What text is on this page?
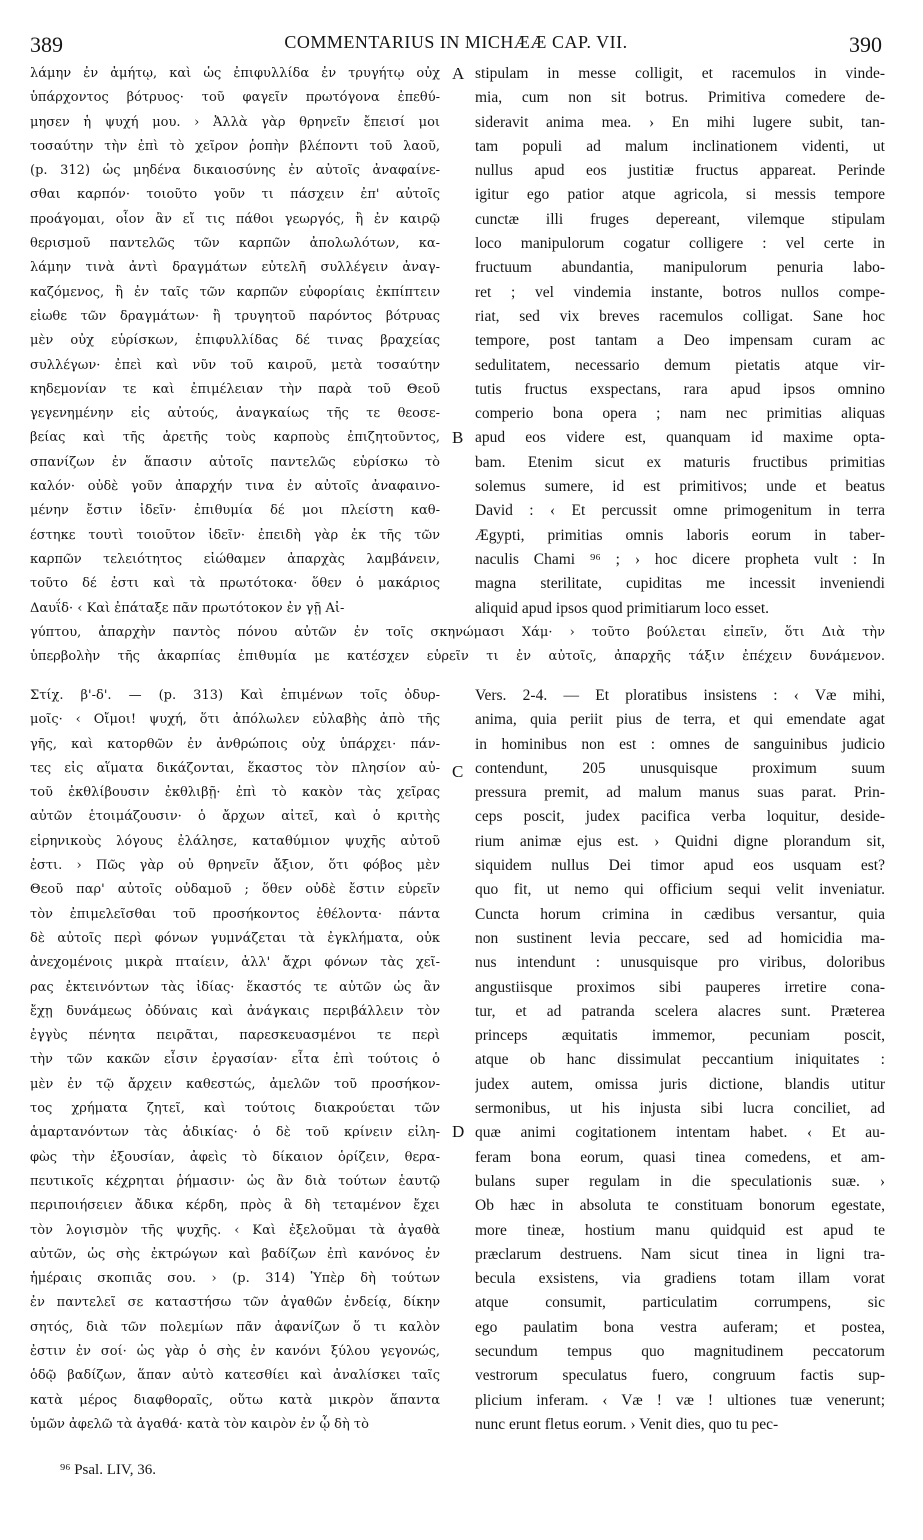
389	COMMENTARIUS IN MICHÆÆ CAP. VII.	390
λάμην ἐν ἀμήτῳ, καὶ ὡς ἐπιφυλλίδα ἐν τρυγήτῳ οὐχ
ὑπάρχοντος βότρυος· τοῦ φαγεῖν πρωτόγονα ἐπεθύ-
μησεν ἡ ψυχή μου. › Ἀλλὰ γὰρ θρηνεῖν ἔπεισί μοι
τοσαύτην τὴν ἐπὶ τὸ χεῖρον ῥοπὴν βλέποντι τοῦ λαοῦ,
(p. 312) ὡς μηδένα δικαιοσύνης ἐν αὐτοῖς ἀναφαίνε-
σθαι καρπόν· τοιοῦτο γοῦν τι πάσχειν ἐπ' αὐτοῖς
προάγομαι, οἷον ἂν εἴ τις πάθοι γεωργός, ἢ ἐν καιρῷ
θερισμοῦ παντελῶς τῶν καρπῶν ἀπολωλότων, κα-
λάμην τινὰ ἀντὶ δραγμάτων εὐτελῆ συλλέγειν ἀναγ-
καζόμενος, ἢ ἐν ταῖς τῶν καρπῶν εὐφορίαις ἐκπίπτειν
εἰωθε τῶν δραγμάτων· ἢ τρυγητοῦ παρόντος βότρυας
μὲν οὐχ εὑρίσκων, ἐπιφυλλίδας δέ τινας βραχείας
συλλέγων· ἐπεὶ καὶ νῦν τοῦ καιροῦ, μετὰ τοσαύτην
κηδεμονίαν τε καὶ ἐπιμέλειαν τὴν παρὰ τοῦ Θεοῦ
γεγενημένην εἰς αὐτούς, ἀναγκαίως τῆς τε θεοσε-
βείας καὶ τῆς ἀρετῆς τοὺς καρποὺς ἐπιζητοῦντος,
σπανίζων ἐν ἅπασιν αὐτοῖς παντελῶς εὑρίσκω τὸ
καλόν· οὐδὲ γοῦν ἀπαρχήν τινα ἐν αὐτοῖς ἀναφαινο-
μένην ἔστιν ἰδεῖν· ἐπιθυμία δέ μοι πλείστη καθ-
έστηκε τουτὶ τοιοῦτον ἰδεῖν· ἐπειδὴ γὰρ ἐκ τῆς τῶν
καρπῶν τελειότητος εἰώθαμεν ἀπαρχὰς λαμβάνειν,
τοῦτο δέ ἐστι καὶ τὰ πρωτότοκα· ὅθεν ὁ μακάριος
Δαυΐδ· ‹ Καὶ ἐπάταξε πᾶν πρωτότοκον ἐν γῇ Αἰ-
stipulam in messe colligit, et racemulos in vinde-
mia, cum non sit botrus. Primitiva comedere de-
sideravit anima mea. › En mihi lugere subit, tan-
tam populi ad malum inclinationem videnti, ut
nullus apud eos justitiæ fructus appareat. Perinde
igitur ego patior atque agricola, si messis tempore
cunctæ illi fruges depereant, vilemque stipulam
loco manipulorum cogatur colligere : vel certe in
fructuum abundantia, manipulorum penuria labo-
ret ; vel vindemia instante, botros nullos compe-
riat, sed vix breves racemulos colligat. Sane hoc
tempore, post tantam a Deo impensam curam ac
sedulitatem, necessario demum pietatis atque vir-
tutis fructus exspectans, rara apud ipsos omnino
comperio bona opera ; nam nec primitias aliquas
apud eos videre est, quanquam id maxime opta-
bam. Etenim sicut ex maturis fructibus primitias
solemus sumere, id est primitivos; unde et beatus
David : ‹ Et percussit omne primogenitum in terra
Ægypti, primitias omnis laboris eorum in taber-
naculis Chami ⁹⁶ ; › hoc dicere propheta vult : In
magna sterilitate, cupiditas me incessit inveniendi
aliquid apud ipsos quod primitiarum loco esset.
γύπτου, ἀπαρχὴν παντὸς πόνου αὐτῶν ἐν τοῖς σκηνώμασι Χάμ· › τοῦτο βούλεται εἰπεῖν, ὅτι Διὰ τὴν
ὑπερβολὴν τῆς ἀκαρπίας ἐπιθυμία με κατέσχεν εὑρεῖν τι ἐν αὐτοῖς, ἀπαρχῆς τάξιν ἐπέχειν δυνάμενον.
A
B
Στίχ. β'-δ'. — (p. 313) Καὶ ἐπιμένων τοῖς ὀδυρ-
μοῖς· ‹ Οἴμοι! ψυχή, ὅτι ἀπόλωλεν εὐλαβὴς ἀπὸ τῆς
γῆς, καὶ κατορθῶν ἐν ἀνθρώποις οὐχ ὑπάρχει· πάν-
τες εἰς αἵματα δικάζονται, ἕκαστος τὸν πλησίον αὐ-
τοῦ ἐκθλίβουσιν ἐκθλιβῇ· ἐπὶ τὸ κακὸν τὰς χεῖρας
αὐτῶν ἑτοιμάζουσιν· ὁ ἄρχων αἰτεῖ, καὶ ὁ κριτὴς
εἰρηνικοὺς λόγους ἐλάλησε, καταθύμιον ψυχῆς αὐτοῦ
ἐστι. › Πῶς γὰρ οὐ θρηνεῖν ἄξιον, ὅτι φόβος μὲν
Θεοῦ παρ' αὐτοῖς οὐδαμοῦ ; ὅθεν οὐδὲ ἔστιν εὑρεῖν
τὸν ἐπιμελεῖσθαι τοῦ προσήκοντος ἐθέλοντα· πάντα
δὲ αὐτοῖς περὶ φόνων γυμνάζεται τὰ ἐγκλήματα, οὐκ
ἀνεχομένοις μικρὰ πταίειν, ἀλλ' ἄχρι φόνων τὰς χεῖ-
ρας ἐκτεινόντων τὰς ἰδίας· ἕκαστός τε αὐτῶν ὡς ἂν
ἔχῃ δυνάμεως ὀδύναις καὶ ἀνάγκαις περιβάλλειν τὸν
ἐγγὺς πένητα πειρᾶται, παρεσκευασμένοι τε περὶ
τὴν τῶν κακῶν εἶσιν ἐργασίαν· εἶτα ἐπὶ τούτοις ὁ
μὲν ἐν τῷ ἄρχειν καθεστώς, ἀμελῶν τοῦ προσήκον-
τος χρήματα ζητεῖ, καὶ τούτοις διακρούεται τῶν
ἁμαρτανόντων τὰς ἀδικίας· ὁ δὲ τοῦ κρίνειν εἰλη-
φὼς τὴν ἐξουσίαν, ἀφεὶς τὸ δίκαιον ὁρίζειν, θερα-
πευτικοῖς κέχρηται ῥήμασιν· ὡς ἂν διὰ τούτων ἑαυτῷ
περιποιήσειεν ἄδικα κέρδη, πρὸς ἃ δὴ τεταμένον ἔχει
τὸν λογισμὸν τῆς ψυχῆς. ‹ Καὶ ἐξελοῦμαι τὰ ἀγαθὰ
αὐτῶν, ὡς σὴς ἐκτρώγων καὶ βαδίζων ἐπὶ κανόνος ἐν
ἡμέραις σκοπιᾶς σου. › (p. 314) Ὑπὲρ δὴ τούτων
ἐν παντελεῖ σε καταστήσω τῶν ἀγαθῶν ἐνδείᾳ, δίκην
σητός, διὰ τῶν πολεμίων πᾶν ἀφανίζων ὅ τι καλὸν
ἐστιν ἐν σοί· ὡς γὰρ ὁ σὴς ἐν κανόνι ξύλου γεγονώς,
ὁδῷ βαδίζων, ἅπαν αὐτὸ κατεσθίει καὶ ἀναλίσκει ταῖς
κατὰ μέρος διαφθοραῖς, οὕτω κατὰ μικρὸν ἅπαντα
ὑμῶν ἀφελῶ τὰ ἀγαθά· κατὰ τὸν καιρὸν ἐν ᾧ δὴ τὸ
Vers. 2-4. — Et ploratibus insistens : ‹ Væ mihi,
anima, quia periit pius de terra, et qui emendate agat
in hominibus non est : omnes de sanguinibus judicio
contendunt, 205 unusquisque proximum suum
pressura premit, ad malum manus suas parat. Prin-
ceps poscit, judex pacifica verba loquitur, deside-
rium animæ ejus est. › Quidni digne plorandum sit,
siquidem nullus Dei timor apud eos usquam est?
quo fit, ut nemo qui officium sequi velit inveniatur.
Cuncta horum crimina in cædibus versantur, quia
non sustinent levia peccare, sed ad homicidia ma-
nus intendunt : unusquisque pro viribus, doloribus
angustiisque proximos sibi pauperes irretire cona-
tur, et ad patranda scelera alacres sunt. Præterea
princeps æquitatis immemor, pecuniam poscit,
atque ob hanc dissimulat peccantium iniquitates :
judex autem, omissa juris dictione, blandis utitur
sermonibus, ut his injusta sibi lucra conciliet, ad
quæ animi cogitationem intentam habet. ‹ Et au-
feram bona eorum, quasi tinea comedens, et am-
bulans super regulam in die speculationis suæ. ›
Ob hæc in absoluta te constituam bonorum egestate,
more tineæ, hostium manu quidquid est apud te
præclarum destruens. Nam sicut tinea in ligni tra-
becula exsistens, via gradiens totam illam vorat
atque consumit, particulatim corrumpens, sic
ego paulatim bona vestra auferam; et postea,
secundum tempus quo magnitudinem peccatorum
vestrorum speculatus fuero, congruum factis sup-
plicium inferam. ‹ Væ ! væ ! ultiones tuæ venerunt;
nunc erunt fletus eorum. › Venit dies, quo tu pec-
C
D
⁹⁶ Psal. LIV, 36.
